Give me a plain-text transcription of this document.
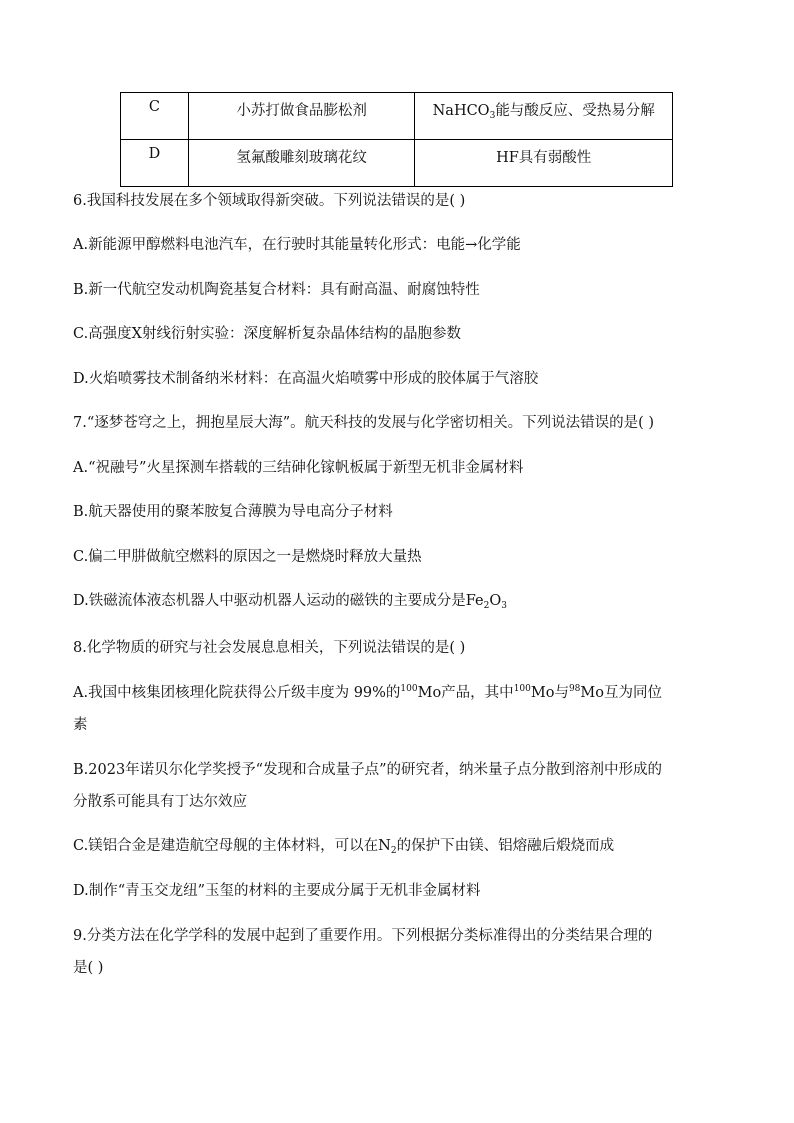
C	小苏打做食品膨松剂	NaHCO$_3$能与酸反应、受热易分解
D	氢氟酸雕刻玻璃花纹	HF具有弱酸性
6.我国科技发展在多个领域取得新突破。下列说法错误的是( )
A.新能源甲醇燃料电池汽车，在行驶时其能量转化形式：电能→化学能
B.新一代航空发动机陶瓷基复合材料：具有耐高温、耐腐蚀特性
C.高强度X射线衍射实验：深度解析复杂晶体结构的晶胞参数
D.火焰喷雾技术制备纳米材料：在高温火焰喷雾中形成的胶体属于气溶胶
7.“逐梦苍穹之上，拥抱星辰大海”。航天科技的发展与化学密切相关。下列说法错误的是( )
A.“祝融号”火星探测车搭载的三结砷化镓帆板属于新型无机非金属材料
B.航天器使用的聚苯胺复合薄膜为导电高分子材料
C.偏二甲肼做航空燃料的原因之一是燃烧时释放大量热
D.铁磁流体液态机器人中驱动机器人运动的磁铁的主要成分是$Fe_2O_3$
8.化学物质的研究与社会发展息息相关，下列说法错误的是( )
A.我国中核集团核理化院获得公斤级丰度为 99%的$^{100}$Mo产品，其中$^{100}$Mo与$^{98}$Mo互为同位
素
B.2023年诺贝尔化学奖授予“发现和合成量子点”的研究者，纳米量子点分散到溶剂中形成的
分散系可能具有丁达尔效应
C.镁铝合金是建造航空母舰的主体材料，可以在$N_2$的保护下由镁、铝熔融后煅烧而成
D.制作“青玉交龙纽”玉玺的材料的主要成分属于无机非金属材料
9.分类方法在化学学科的发展中起到了重要作用。下列根据分类标准得出的分类结果合理的
是( )
